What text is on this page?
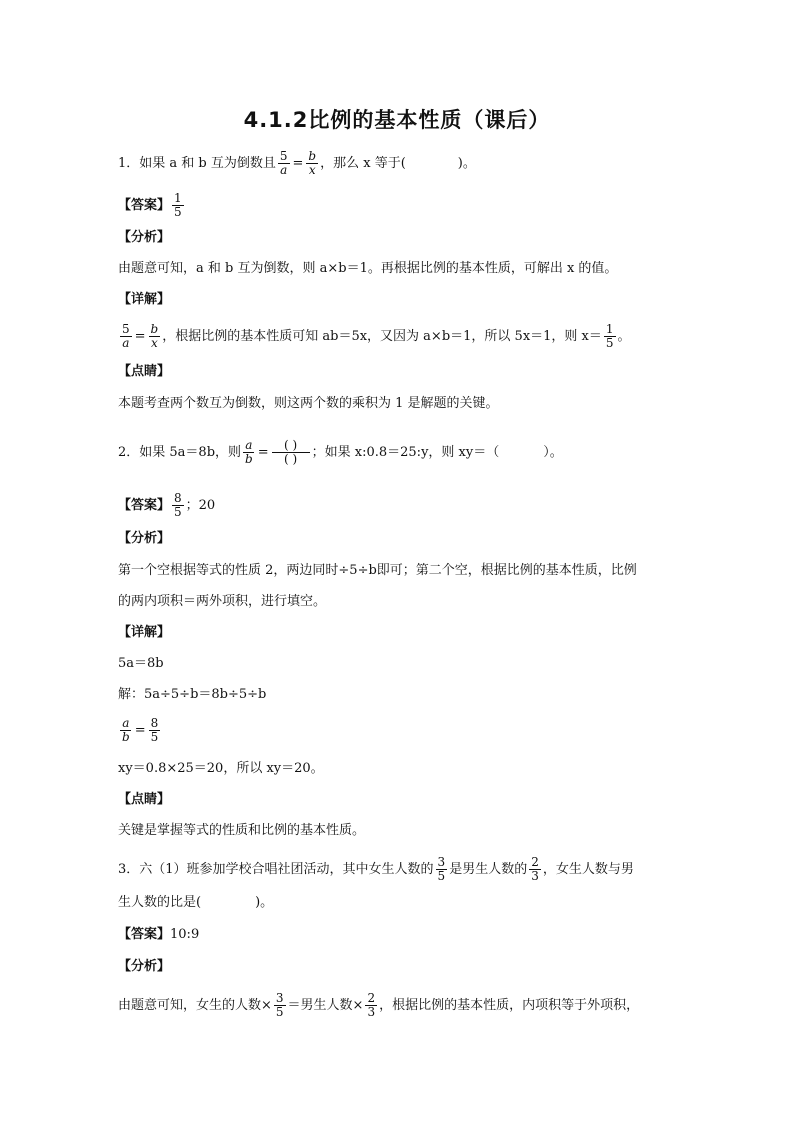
4.1.2比例的基本性质（课后）
1．如果 a 和 b 互为倒数且 $\frac{5}{a} = \frac{b}{x}$ ，那么 x 等于(	)。
【答案】 $\frac{1}{5}$
【分析】
由题意可知，a 和 b 互为倒数，则 a×b＝1。再根据比例的基本性质，可解出 x 的值。
【详解】
$\frac{5}{a} = \frac{b}{x}$ ，根据比例的基本性质可知 ab＝5x，又因为 a×b＝1，所以 5x＝1，则 $x= \frac{1}{5}$ 。
【点睛】
本题考查两个数互为倒数，则这两个数的乘积为 1 是解题的关键。
2．如果 5a＝8b，则 $\frac{a}{b} = \frac{( )}{( )}$ ；如果 x:0.8＝25:y，则 xy＝（	）。
【答案】 $\frac{8}{5}$ ；20
【分析】
第一个空根据等式的性质 2，两边同时÷5÷b即可；第二个空，根据比例的基本性质，比例
的两内项积＝两外项积，进行填空。
【详解】
5a＝8b
解：5a÷5÷b＝8b÷5÷b
$\frac{a}{b} = \frac{8}{5}$
xy＝0.8×25＝20，所以 xy＝20。
【点睛】
关键是掌握等式的性质和比例的基本性质。
3．六（1）班参加学校合唱社团活动，其中女生人数的 $\frac{3}{5}$ 是男生人数的 $\frac{2}{3}$ ，女生人数与男
生人数的比是(	)。
【答案】10:9
【分析】
由题意可知，女生的人数× $\frac{3}{5}$ ＝男生人数× $\frac{2}{3}$ ，根据比例的基本性质，内项积等于外项积，
